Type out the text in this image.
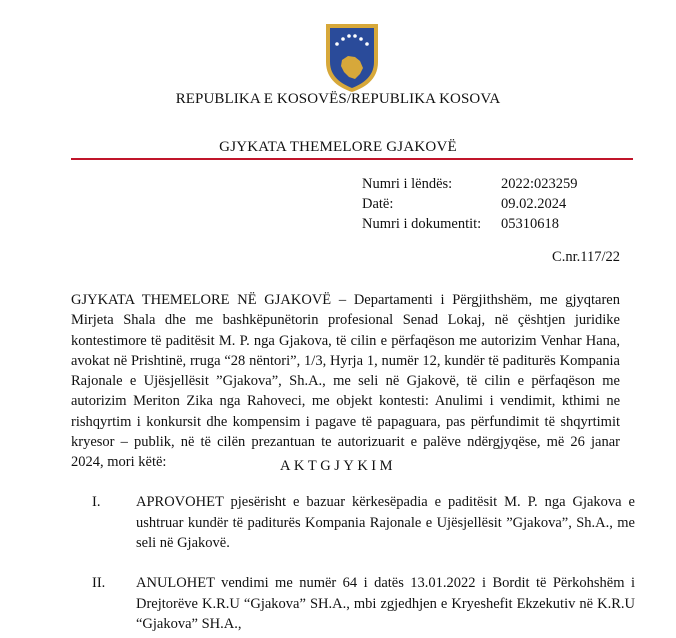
REPUBLIKA E KOSOVËS/REPUBLIKA KOSOVA
GJYKATA THEMELORE GJAKOVË
Numri i lëndës:	2022:023259
Datë:	09.02.2024
Numri i dokumentit:	05310618
C.nr.117/22
GJYKATA THEMELORE NË GJAKOVË – Departamenti i Përgjithshëm, me gjyqtaren Mirjeta Shala dhe me bashkëpunëtorin profesional Senad Lokaj, në çështjen juridike kontestimore të paditësit M. P. nga Gjakova, të cilin e përfaqëson me autorizim Venhar Hana, avokat në Prishtinë, rruga “28 nëntori”, 1/3, Hyrja 1, numër 12, kundër të paditurës Kompania Rajonale e Ujësjellësit ”Gjakova”, Sh.A., me seli në Gjakovë, të cilin e përfaqëson me autorizim Meriton Zika nga Rahoveci, me objekt kontesti: Anulimi i vendimit, kthimi ne rishqyrtim i konkursit dhe kompensim i pagave të papaguara, pas përfundimit të shqyrtimit kryesor – publik, në të cilën prezantuan te autorizuarit e palëve ndërgjyqëse, më 26 janar 2024, mori këtë:	AKTGJYKIM
I.	APROVOHET pjesërisht e bazuar kërkesëpadia e paditësit M. P. nga Gjakova e ushtruar kundër të paditurës Kompania Rajonale e Ujësjellësit ”Gjakova”, Sh.A., me seli në Gjakovë.
II.	ANULOHET vendimi me numër 64 i datës 13.01.2022 i Bordit të Përkohshëm i Drejtorëve K.R.U “Gjakova” SH.A., mbi zgjedhjen e Kryeshefit Ekzekutiv në K.R.U “Gjakova” SH.A.,
